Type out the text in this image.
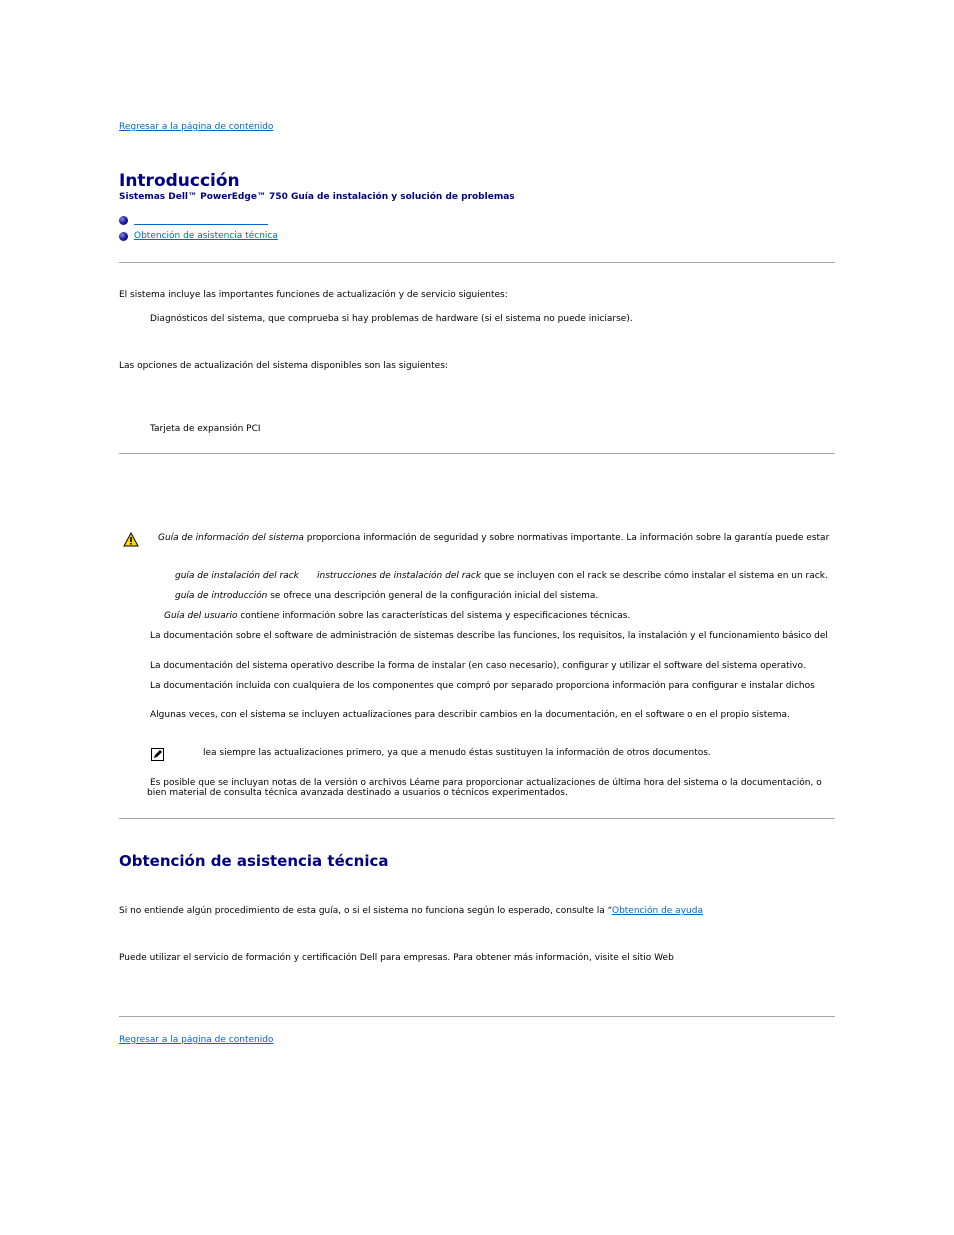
Regresar a la página de contenido
Introducción
Sistemas Dell™ PowerEdge™ 750 Guía de instalación y solución de problemas
Obtención de asistencia técnica
El sistema incluye las importantes funciones de actualización y de servicio siguientes:
Diagnósticos del sistema, que comprueba si hay problemas de hardware (si el sistema no puede iniciarse).
Las opciones de actualización del sistema disponibles son las siguientes:
Tarjeta de expansión PCI
Guía de información del sistema proporciona información de seguridad y sobre normativas importante. La información sobre la garantía puede estar
guía de instalación del rack instrucciones de instalación del rack que se incluyen con el rack se describe cómo instalar el sistema en un rack.
guía de introducción se ofrece una descripción general de la configuración inicial del sistema.
Guía del usuario contiene información sobre las características del sistema y especificaciones técnicas.
La documentación sobre el software de administración de sistemas describe las funciones, los requisitos, la instalación y el funcionamiento básico del
La documentación del sistema operativo describe la forma de instalar (en caso necesario), configurar y utilizar el software del sistema operativo.
La documentación incluida con cualquiera de los componentes que compró por separado proporciona información para configurar e instalar dichos
Algunas veces, con el sistema se incluyen actualizaciones para describir cambios en la documentación, en el software o en el propio sistema.
lea siempre las actualizaciones primero, ya que a menudo éstas sustituyen la información de otros documentos.
Es posible que se incluyan notas de la versión o archivos Léame para proporcionar actualizaciones de última hora del sistema o la documentación, o
bien material de consulta técnica avanzada destinado a usuarios o técnicos experimentados.
Obtención de asistencia técnica
Si no entiende algún procedimiento de esta guía, o si el sistema no funciona según lo esperado, consulte la “Obtención de ayuda
Puede utilizar el servicio de formación y certificación Dell para empresas. Para obtener más información, visite el sitio Web
Regresar a la página de contenido
